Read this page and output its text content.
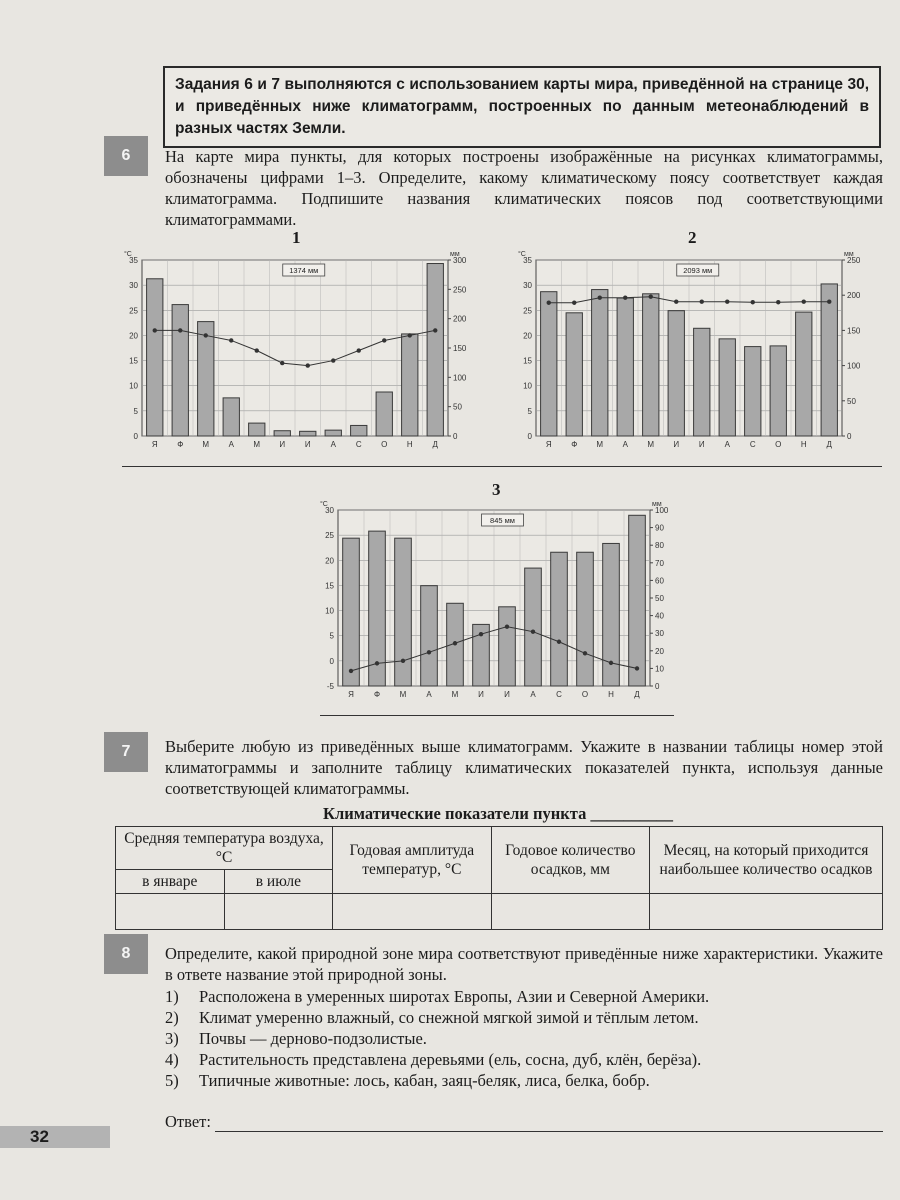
Задания 6 и 7 выполняются с использованием карты мира, приведённой на странице 30, и приведённых ниже климатограмм, построенных по данным метеонаблюдений в разных частях Земли.
6	На карте мира пункты, для которых построены изображённые на рисунках климатограммы, обозначены цифрами 1–3. Определите, какому климатическому поясу соответствует каждая климатограмма. Подпишите названия климатических поясов под соответствующими климатограммами.
1	2
3
0
5
10
15
20
25
30
35
0
50
100
150
200
250
300
°С	мм
Я Ф М А М И И А С О Н Д
1374 мм
0
5
10
15
20
25
30
35
0
50
100
150
200
250
°С	мм
Я Ф М А М И И А С О Н Д
2093 мм
-5
0
5
10
15
20
25
30
0
10
20
30
40
50
60
70
80
90
100
°С	мм
Я	Ф М А М И	И	А	С О Н	Д
845 мм
7	Выберите любую из приведённых выше климатограмм. Укажите в названии таблицы номер этой климатограммы и заполните таблицу климатических показателей пункта, используя данные соответствующей климатограммы.
Климатические показатели пункта __________
Средняя температура воздуха, °С		Годовая амплитуда температур, °С	Годовое количество осадков, мм	Месяц, на который приходится наибольшее количество осадков
в январе	в июле			

8	Определите, какой природной зоне мира соответствуют приведённые ниже характеристики. Укажите в ответе название этой природной зоны.
1)	Расположена в умеренных широтах Европы, Азии и Северной Америки.
2)	Климат умеренно влажный, со снежной мягкой зимой и тёплым летом.
3)	Почвы — дерново-подзолистые.
4)	Растительность представлена деревьями (ель, сосна, дуб, клён, берёза).
5)	Типичные животные: лось, кабан, заяц-беляк, лиса, белка, бобр.
Ответ:
32
